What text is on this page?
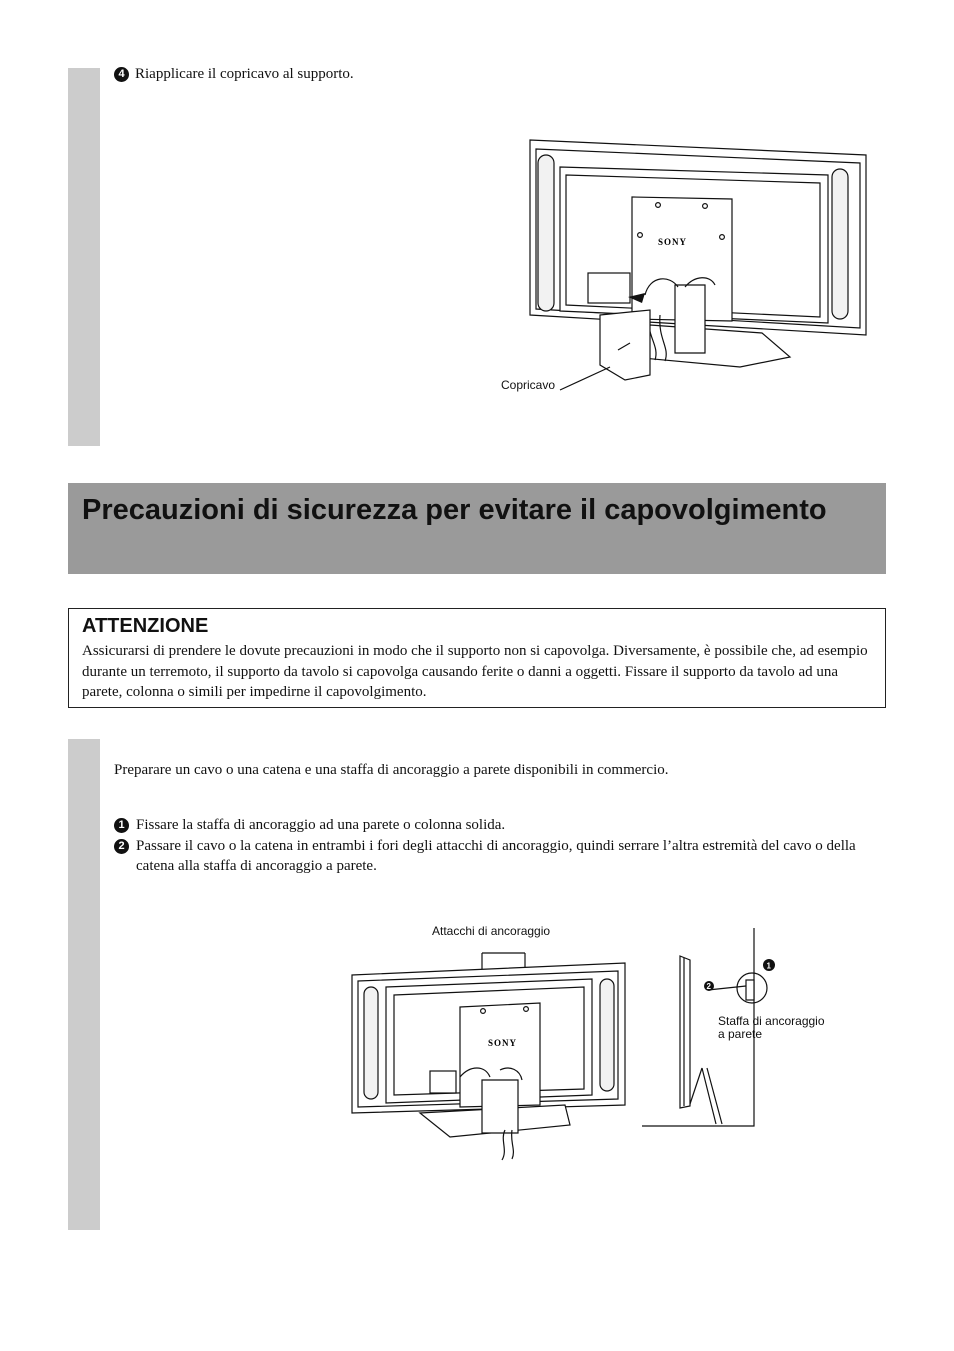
4 Riapplicare il copricavo al supporto.
SONY
Copricavo
Precauzioni di sicurezza per evitare il capovolgimento
ATTENZIONE

Assicurarsi di prendere le dovute precauzioni in modo che il supporto non si capovolga. Diversamente, è possibile che, ad esempio durante un terremoto, il supporto da tavolo si capovolga causando ferite o danni a oggetti. Fissare il supporto da tavolo ad una parete, colonna o simili per impedirne il capovolgimento.

Preparare un cavo o una catena e una staffa di ancoraggio a parete disponibili in commercio.
1 Fissare la staffa di ancoraggio ad una parete o colonna solida.
2 Passare il cavo o la catena in entrambi i fori degli attacchi di ancoraggio, quindi serrare l’altra estremità del cavo o della catena alla staffa di ancoraggio a parete.
Attacchi di ancoraggio
SONY
2
1
Staffa di ancoraggio
a parete
